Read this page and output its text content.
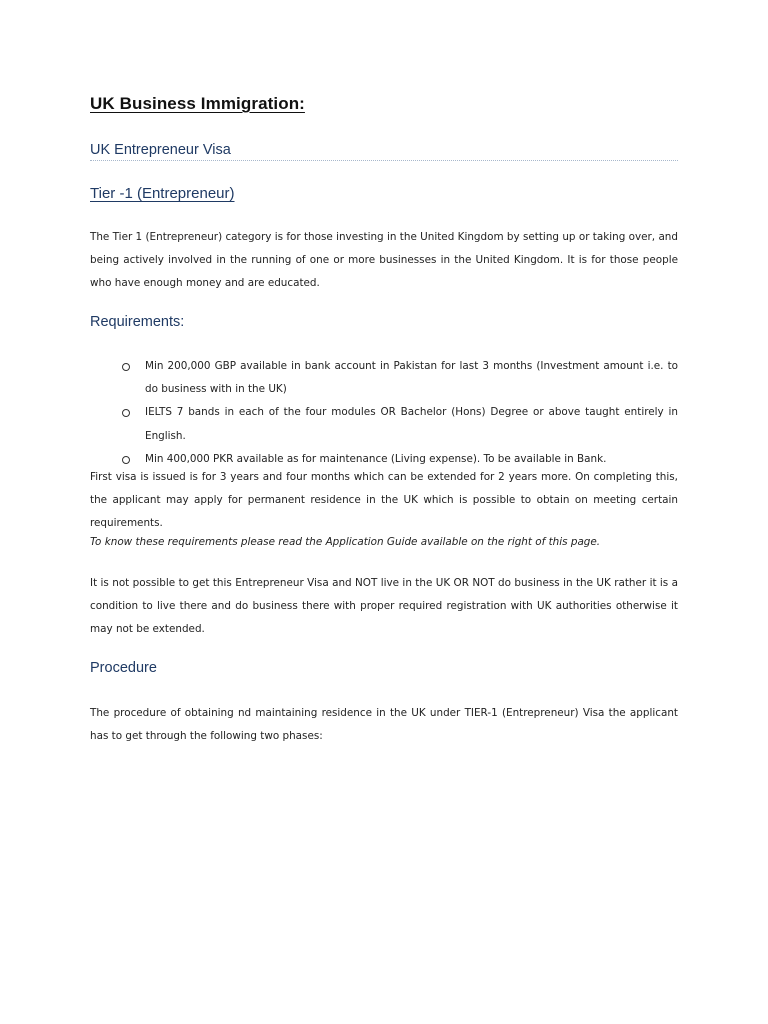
UK Business Immigration:
UK Entrepreneur Visa
Tier -1 (Entrepreneur)

The Tier 1 (Entrepreneur) category is for those investing in the United Kingdom by setting up or taking over, and being actively involved in the running of one or more businesses in the United Kingdom. It is for those people who have enough money and are educated.

Requirements:
Min 200,000 GBP available in bank account in Pakistan for last 3 months (Investment amount i.e. to do business with in the UK)
IELTS 7 bands in each of the four modules OR Bachelor (Hons) Degree or above taught entirely in English.
Min 400,000 PKR available as for maintenance (Living expense). To be available in Bank.

First visa is issued is for 3 years and four months which can be extended for 2 years more. On completing this, the applicant may apply for permanent residence in the UK which is possible to obtain on meeting certain requirements.

To know these requirements please read the Application Guide available on the right of this page.

It is not possible to get this Entrepreneur Visa and NOT live in the UK OR NOT do business in the UK rather it is a condition to live there and do business there with proper required registration with UK authorities otherwise it may not be extended.

Procedure

The procedure of obtaining nd maintaining residence in the UK under TIER-1 (Entrepreneur) Visa the applicant has to get through the following two phases:
